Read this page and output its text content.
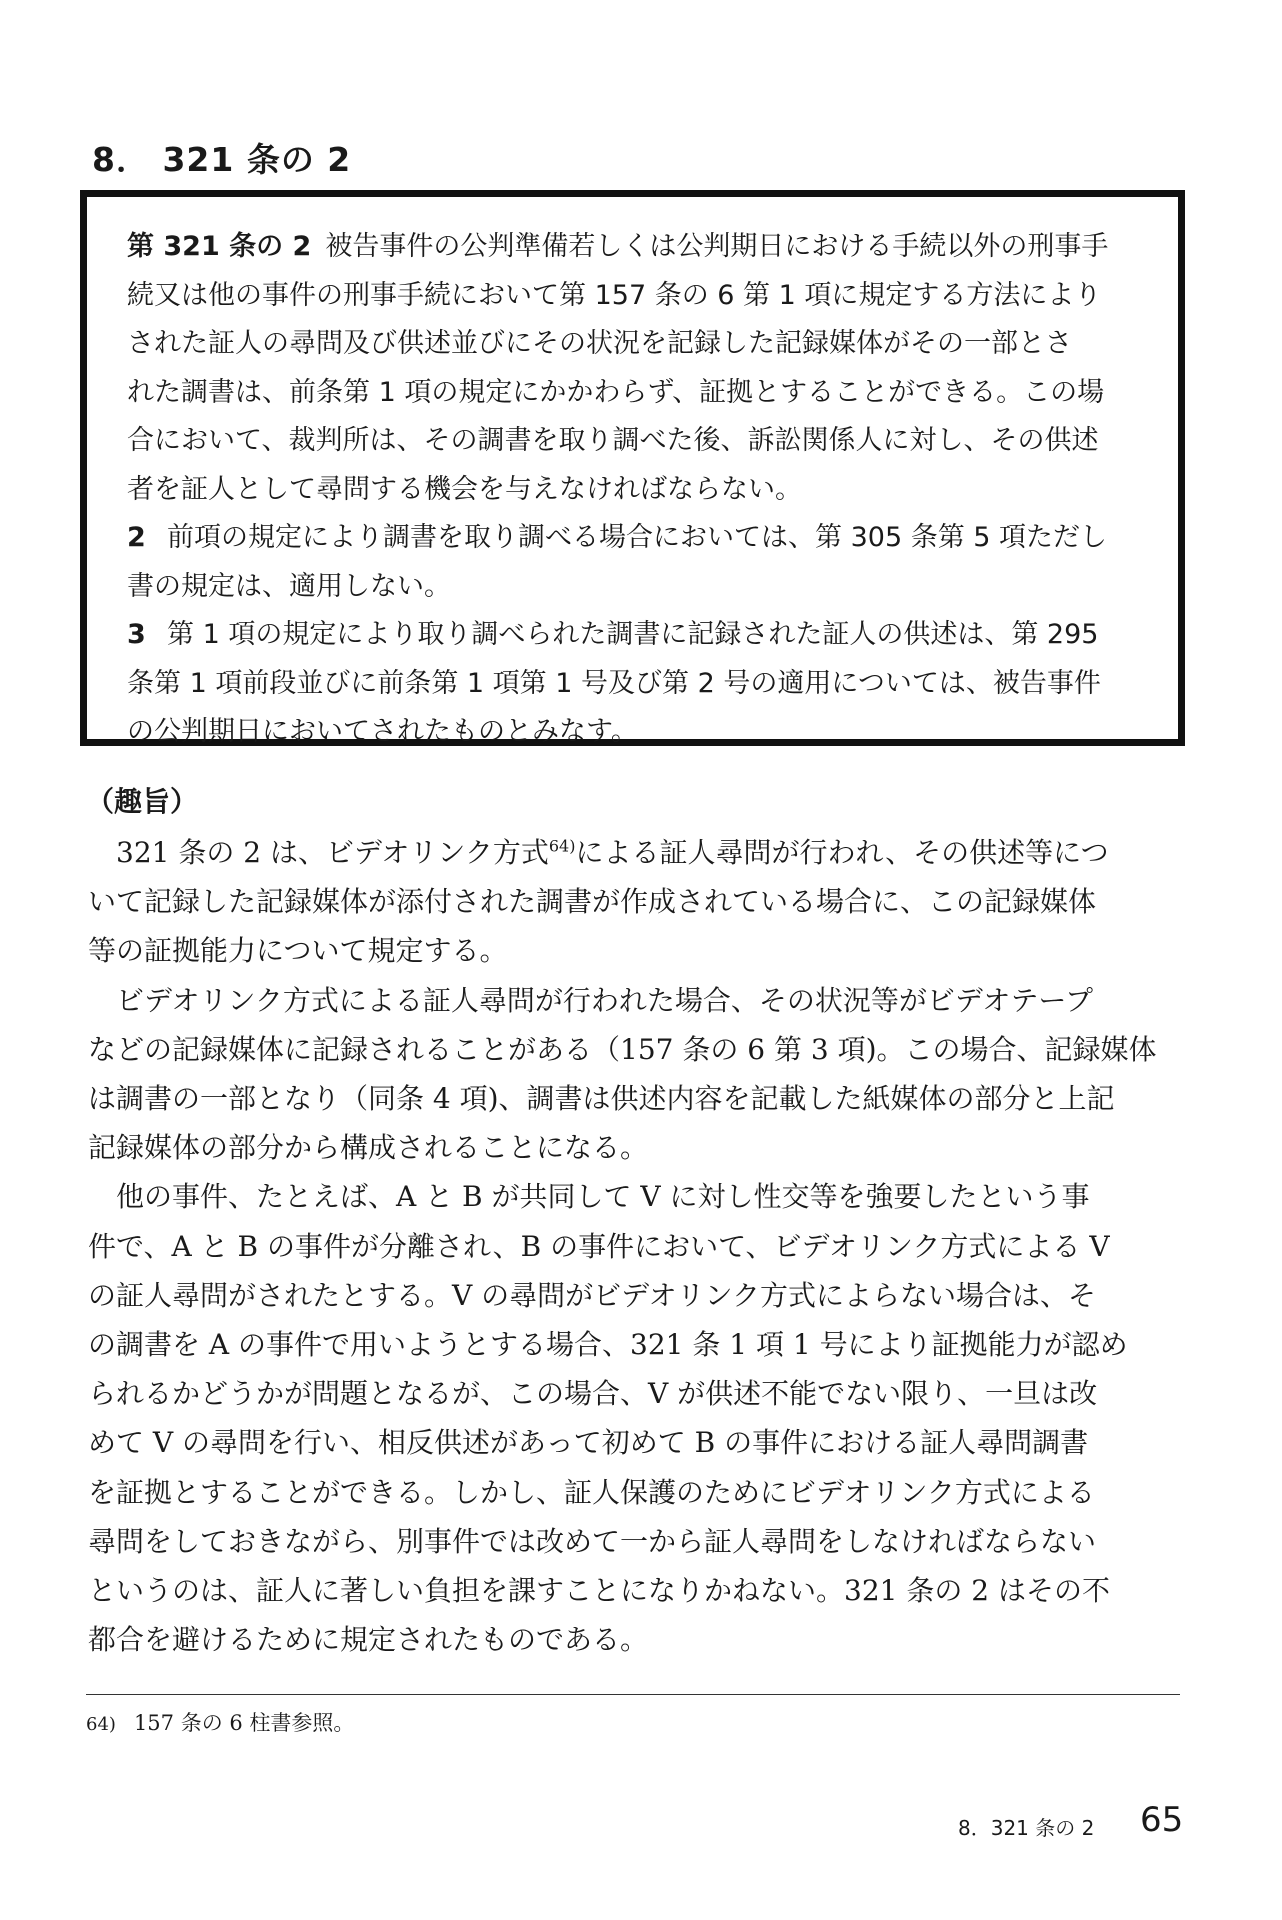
8． 321 条の 2

第 321 条の 2 被告事件の公判準備若しくは公判期日における手続以外の刑事手
続又は他の事件の刑事手続において第 157 条の 6 第 1 項に規定する方法により
された証人の尋問及び供述並びにその状況を記録した記録媒体がその一部とさ
れた調書は、前条第 1 項の規定にかかわらず、証拠とすることができる。この場
合において、裁判所は、その調書を取り調べた後、訴訟関係人に対し、その供述
者を証人として尋問する機会を与えなければならない。

2 前項の規定により調書を取り調べる場合においては、第 305 条第 5 項ただし
書の規定は、適用しない。

3 第 1 項の規定により取り調べられた調書に記録された証人の供述は、第 295
条第 1 項前段並びに前条第 1 項第 1 号及び第 2 号の適用については、被告事件
の公判期日においてされたものとみなす。

（趣旨）

　321 条の 2 は、ビデオリンク方式$^{64)}$による証人尋問が行われ、その供述等につ

いて記録した記録媒体が添付された調書が作成されている場合に、この記録媒体

等の証拠能力について規定する。

　ビデオリンク方式による証人尋問が行われた場合、その状況等がビデオテープ

などの記録媒体に記録されることがある（157 条の 6 第 3 項)。この場合、記録媒体

は調書の一部となり（同条 4 項)、調書は供述内容を記載した紙媒体の部分と上記

記録媒体の部分から構成されることになる。

　他の事件、たとえば、A と B が共同して V に対し性交等を強要したという事

件で、A と B の事件が分離され、B の事件において、ビデオリンク方式による V

の証人尋問がされたとする。V の尋問がビデオリンク方式によらない場合は、そ

の調書を A の事件で用いようとする場合、321 条 1 項 1 号により証拠能力が認め

られるかどうかが問題となるが、この場合、V が供述不能でない限り、一旦は改

めて V の尋問を行い、相反供述があって初めて B の事件における証人尋問調書

を証拠とすることができる。しかし、証人保護のためにビデオリンク方式による

尋問をしておきながら、別事件では改めて一から証人尋問をしなければならない

というのは、証人に著しい負担を課すことになりかねない。321 条の 2 はその不

都合を避けるために規定されたものである。

64) 157 条の 6 柱書参照。

8．321 条の 2 65
